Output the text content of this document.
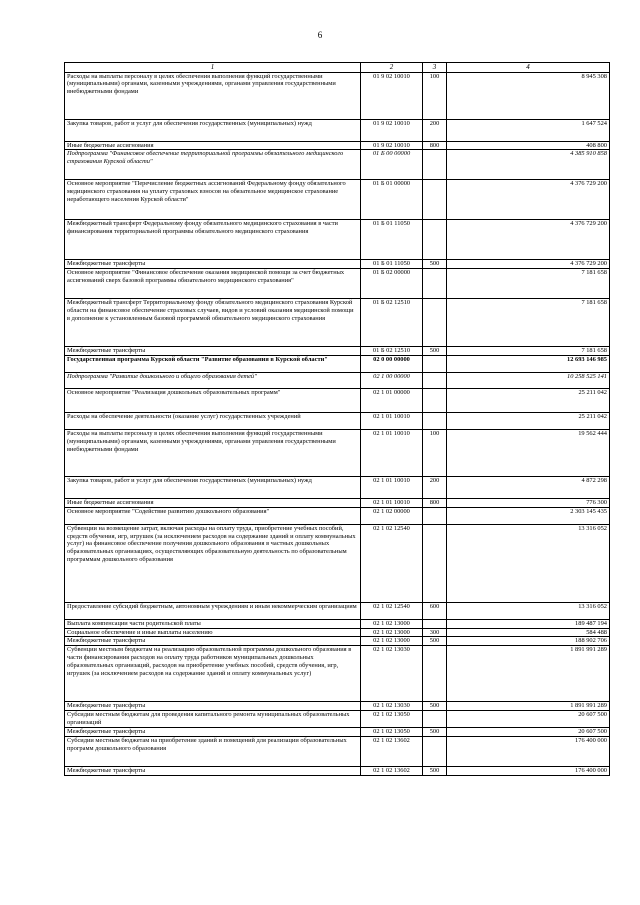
6
1	2	3	4
Расходы на выплаты персоналу в целях обеспечения выполнения функций государственными (муниципальными) органами, казенными учреждениями, органами управления государственными внебюджетными фондами	01 9 02 10010	100	8 945 308
Закупка товаров, работ и услуг для обеспечения государственных (муниципальных) нужд	01 9 02 10010	200	1 647 524
Иные бюджетные ассигнования	01 9 02 10010	800	408 800
Подпрограмма "Финансовое обеспечение территориальной программы обязательного медицинского страхования Курской области"	01 Б 00 00000		4 385 910 858
Основное мероприятие "Перечисление бюджетных ассигнований Федеральному фонду обязательного медицинского страхования на уплату страховых взносов на обязательное медицинское страхование неработающего населения Курской области"	01 Б 01 00000		4 376 729 200
Межбюджетный трансферт Федеральному фонду обязательного медицинского страхования в части финансирования территориальной программы обязательного медицинского страхования	01 Б 01 11050		4 376 729 200
Межбюджетные трансферты	01 Б 01 11050	500	4 376 729 200
Основное мероприятие "Финансовое обеспечение оказания медицинской помощи за счет бюджетных ассигнований сверх базовой программы обязательного медицинского страхования"	01 Б 02 00000		7 181 658
Межбюджетный трансферт Территориальному фонду обязательного медицинского страхования Курской области на финансовое обеспечение страховых случаев, видов и условий оказания медицинской помощи в дополнение к установленным базовой программой обязательного медицинского страхования	01 Б 02 12510		7 181 658
Межбюджетные трансферты	01 Б 02 12510	500	7 181 658
Государственная программа Курской области "Развитие образования в Курской области"	02 0 00 00000		12 693 146 985
Подпрограмма "Развитие дошкольного и общего образования детей"	02 1 00 00000		10 258 525 141
Основное мероприятие "Реализация дошкольных образовательных программ"	02 1 01 00000		25 211 042
Расходы на обеспечение деятельности (оказание услуг) государственных учреждений	02 1 01 10010		25 211 042
Расходы на выплаты персоналу в целях обеспечения выполнения функций государственными (муниципальными) органами, казенными учреждениями, органами управления государственными внебюджетными фондами	02 1 01 10010	100	19 562 444
Закупка товаров, работ и услуг для обеспечения государственных (муниципальных) нужд	02 1 01 10010	200	4 872 298
Иные бюджетные ассигнования	02 1 01 10010	800	776 300
Основное мероприятие "Содействие развитию дошкольного образования"	02 1 02 00000		2 303 145 435
Субвенции на возмещение затрат, включая расходы на оплату труда, приобретение учебных пособий, средств обучения, игр, игрушек (за исключением расходов на содержание зданий и оплату коммунальных услуг) на финансовое обеспечение получения дошкольного образования в частных дошкольных образовательных организациях, осуществляющих образовательную деятельность по образовательным программам дошкольного образования	02 1 02 12540		13 316 052
Предоставление субсидий бюджетным, автономным учреждениям и иным некоммерческим организациям	02 1 02 12540	600	13 316 052
Выплата компенсации части родительской платы	02 1 02 13000		189 487 194
Социальное обеспечение и иные выплаты населению	02 1 02 13000	300	584 488
Межбюджетные трансферты	02 1 02 13000	500	188 902 706
Субвенции местным бюджетам на реализацию образовательной программы дошкольного образования в части финансирования расходов на оплату труда работников муниципальных дошкольных образовательных организаций, расходов на приобретение учебных пособий, средств обучения, игр, игрушек (за исключением расходов на содержание зданий и оплату коммунальных услуг)	02 1 02 13030		1 891 991 289
Межбюджетные трансферты	02 1 02 13030	500	1 891 991 289
Субсидии местным бюджетам для проведения капитального ремонта муниципальных образовательных организаций	02 1 02 13050		20 607 500
Межбюджетные трансферты	02 1 02 13050	500	20 607 500
Субсидии местным бюджетам на приобретение зданий и помещений для реализации образовательных программ дошкольного образования	02 1 02 13602		176 400 000
Межбюджетные трансферты	02 1 02 13602	500	176 400 000
